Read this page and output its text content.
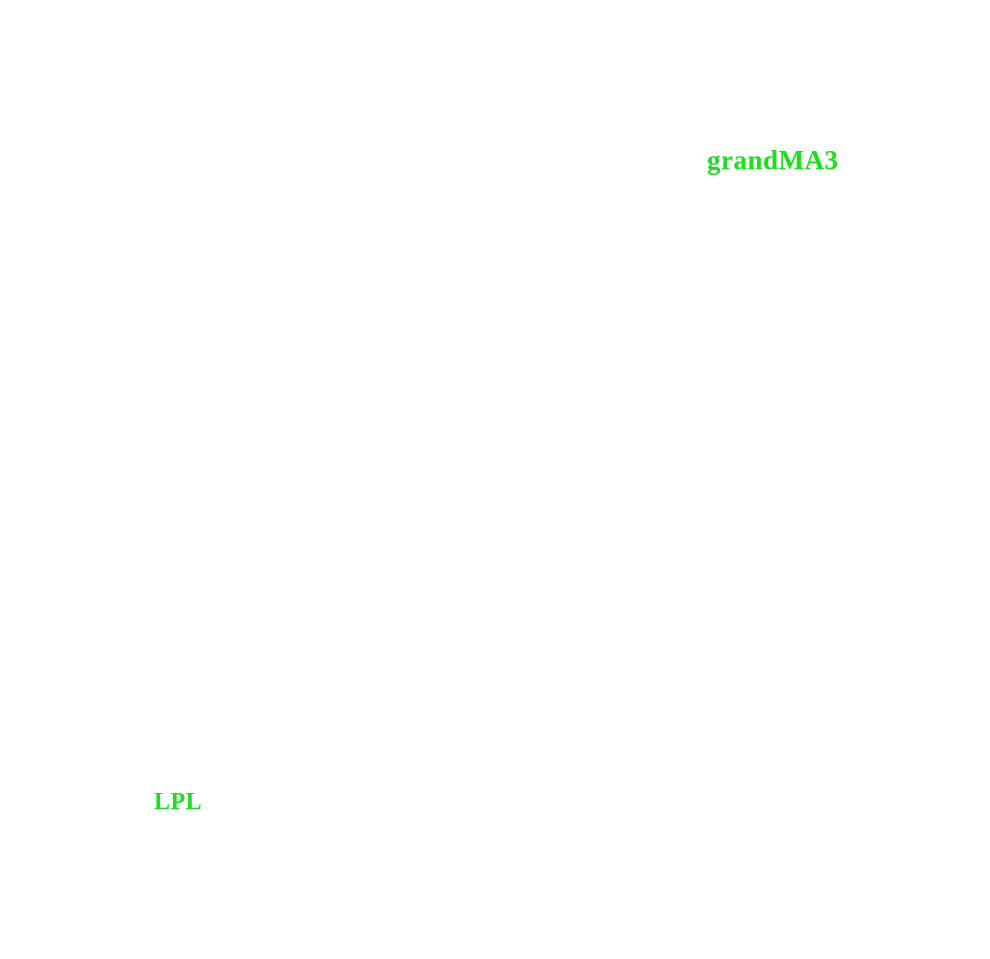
grandMA3
LPL
